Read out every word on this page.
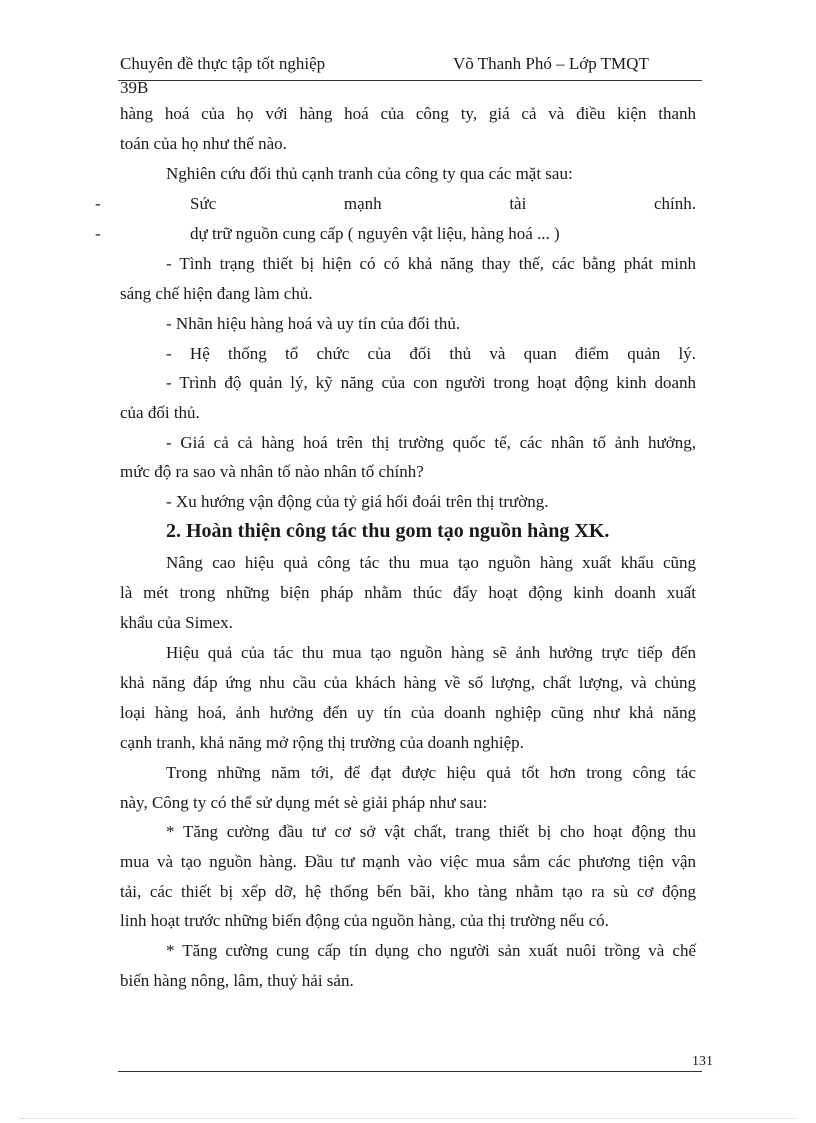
Chuyên đề thực tập tốt nghiệp	Võ Thanh Phó – Lớp TMQT
39B
hàng hoá của họ với hàng hoá của công ty, giá cả và điều kiện thanh
toán của họ như thế nào.
Nghiên cứu đối thủ cạnh tranh của công ty qua các mặt sau:
-	Sức mạnh tài chính.
-	dự trữ nguồn cung cấp ( nguyên vật liệu, hàng hoá ... )
- Tình trạng thiết bị hiện có có khả năng thay thế, các bằng phát minh
sáng chế hiện đang làm chủ.
- Nhãn hiệu hàng hoá và uy tín của đối thủ.
- Hệ thống tổ chức của đối thủ và quan điểm quản lý.
- Trình độ quản lý, kỹ năng của con người trong hoạt động kinh doanh
của đối thủ.
- Giá cả cả hàng hoá trên thị trường quốc tế, các nhân tố ảnh hưởng,
mức độ ra sao và nhân tố nào nhân tố chính?
- Xu hướng vận động của tỷ giá hối đoái trên thị trường.
2. Hoàn thiện công tác thu gom tạo nguồn hàng XK.
Nâng cao hiệu quả công tác thu mua tạo nguồn hàng xuất khẩu cũng
là mét trong những biện pháp nhằm thúc đẩy hoạt động kinh doanh xuất
khẩu của Simex.
Hiệu quả của tác thu mua tạo nguồn hàng sẽ ảnh hưởng trực tiếp đến
khả năng đáp ứng nhu cầu của khách hàng về số lượng, chất lượng, và chủng
loại hàng hoá, ảnh hưởng đến uy tín của doanh nghiệp cũng như khả năng
cạnh tranh, khả năng mở rộng thị trường của doanh nghiệp.
Trong những năm tới, để đạt được hiệu quả tốt hơn trong công tác
này, Công ty có thể sử dụng mét sè giải pháp như sau:
* Tăng cường đầu tư cơ sở vật chất, trang thiết bị cho hoạt động thu
mua và tạo nguồn hàng. Đầu tư mạnh vào việc mua sắm các phương tiện vận
tải, các thiết bị xếp dỡ, hệ thống bến bãi, kho tàng nhằm tạo ra sù cơ động
linh hoạt trước những biến động của nguồn hàng, của thị trường nếu có.
* Tăng cường cung cấp tín dụng cho người sản xuất nuôi trồng và chế
biến hàng nông, lâm, thuỷ hải sản.
131
